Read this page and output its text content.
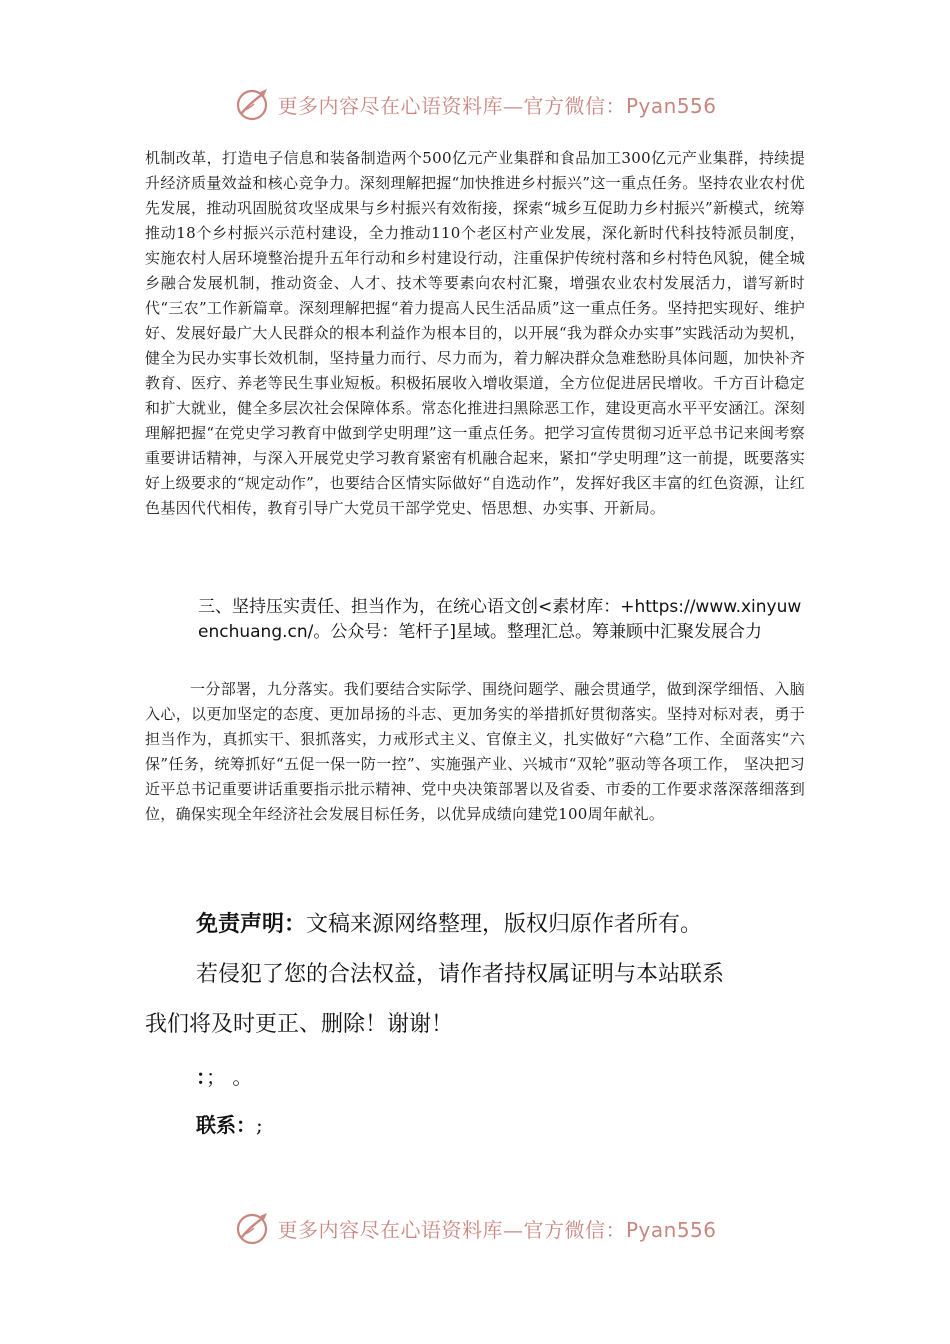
更多内容尽在心语资料库—官方微信：Pyan556

机制改革，打造电子信息和装备制造两个500亿元产业集群和食品加工300亿元产业集群，持续提升经济质量效益和核心竞争力。深刻理解把握“加快推进乡村振兴”这一重点任务。坚持农业农村优先发展，推动巩固脱贫攻坚成果与乡村振兴有效衔接，探索“城乡互促助力乡村振兴”新模式，统筹推动18个乡村振兴示范村建设，全力推动110个老区村产业发展，深化新时代科技特派员制度，实施农村人居环境整治提升五年行动和乡村建设行动，注重保护传统村落和乡村特色风貌，健全城乡融合发展机制，推动资金、人才、技术等要素向农村汇聚，增强农业农村发展活力，谱写新时代“三农”工作新篇章。深刻理解把握“着力提高人民生活品质”这一重点任务。坚持把实现好、维护好、发展好最广大人民群众的根本利益作为根本目的，以开展“我为群众办实事”实践活动为契机，健全为民办实事长效机制，坚持量力而行、尽力而为，着力解决群众急难愁盼具体问题，加快补齐教育、医疗、养老等民生事业短板。积极拓展收入增收渠道，全方位促进居民增收。千方百计稳定和扩大就业，健全多层次社会保障体系。常态化推进扫黑除恶工作，建设更高水平平安涵江。深刻理解把握“在党史学习教育中做到学史明理”这一重点任务。把学习宣传贯彻习近平总书记来闽考察重要讲话精神，与深入开展党史学习教育紧密有机融合起来，紧扣“学史明理”这一前提，既要落实好上级要求的“规定动作”，也要结合区情实际做好“自选动作”，发挥好我区丰富的红色资源，让红色基因代代相传，教育引导广大党员干部学党史、悟思想、办实事、开新局。

三、坚持压实责任、担当作为，在统心语文创<素材库：+https://www.xinyuwenchuang.cn/。公众号：笔杆子]星域。整理汇总。筹兼顾中汇聚发展合力

一分部署，九分落实。我们要结合实际学、围绕问题学、融会贯通学，做到深学细悟、入脑入心，以更加坚定的态度、更加昂扬的斗志、更加务实的举措抓好贯彻落实。坚持对标对表，勇于担当作为，真抓实干、狠抓落实，力戒形式主义、官僚主义，扎实做好“六稳”工作、全面落实“六保”任务，统筹抓好“五促一保一防一控”、实施强产业、兴城市“双轮”驱动等各项工作， 坚决把习近平总书记重要讲话重要指示批示精神、党中央决策部署以及省委、市委的工作要求落深落细落到位，确保实现全年经济社会发展目标任务，以优异成绩向建党100周年献礼。

免责声明：文稿来源网络整理，版权归原作者所有。

若侵犯了您的合法权益，请作者持权属证明与本站联系

我们将及时更正、删除！谢谢！

：； 。

联系：;

更多内容尽在心语资料库—官方微信：Pyan556
